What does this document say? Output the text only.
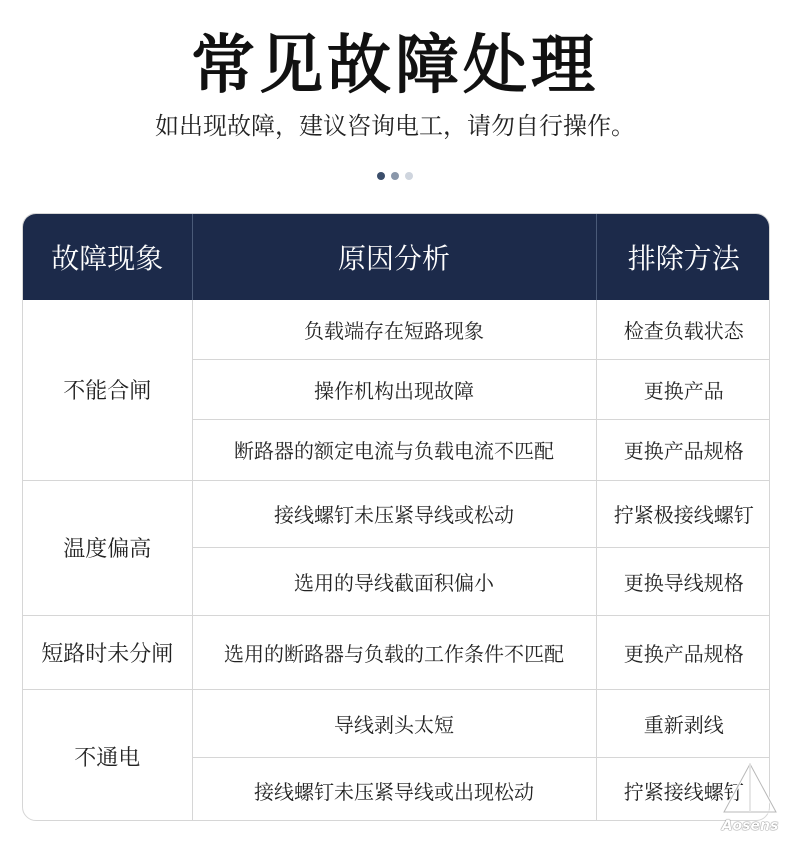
常见故障处理
如出现故障，建议咨询电工，请勿自行操作。

故障现象	原因分析	排除方法
不能合闸	负载端存在短路现象	检查负载状态
	操作机构出现故障	更换产品
	断路器的额定电流与负载电流不匹配	更换产品规格
温度偏高	接线螺钉未压紧导线或松动	拧紧极接线螺钉
	选用的导线截面积偏小	更换导线规格
短路时未分闸	选用的断路器与负载的工作条件不匹配	更换产品规格
不通电	导线剥头太短	重新剥线
	接线螺钉未压紧导线或出现松动	拧紧接线螺钉
Aosens
